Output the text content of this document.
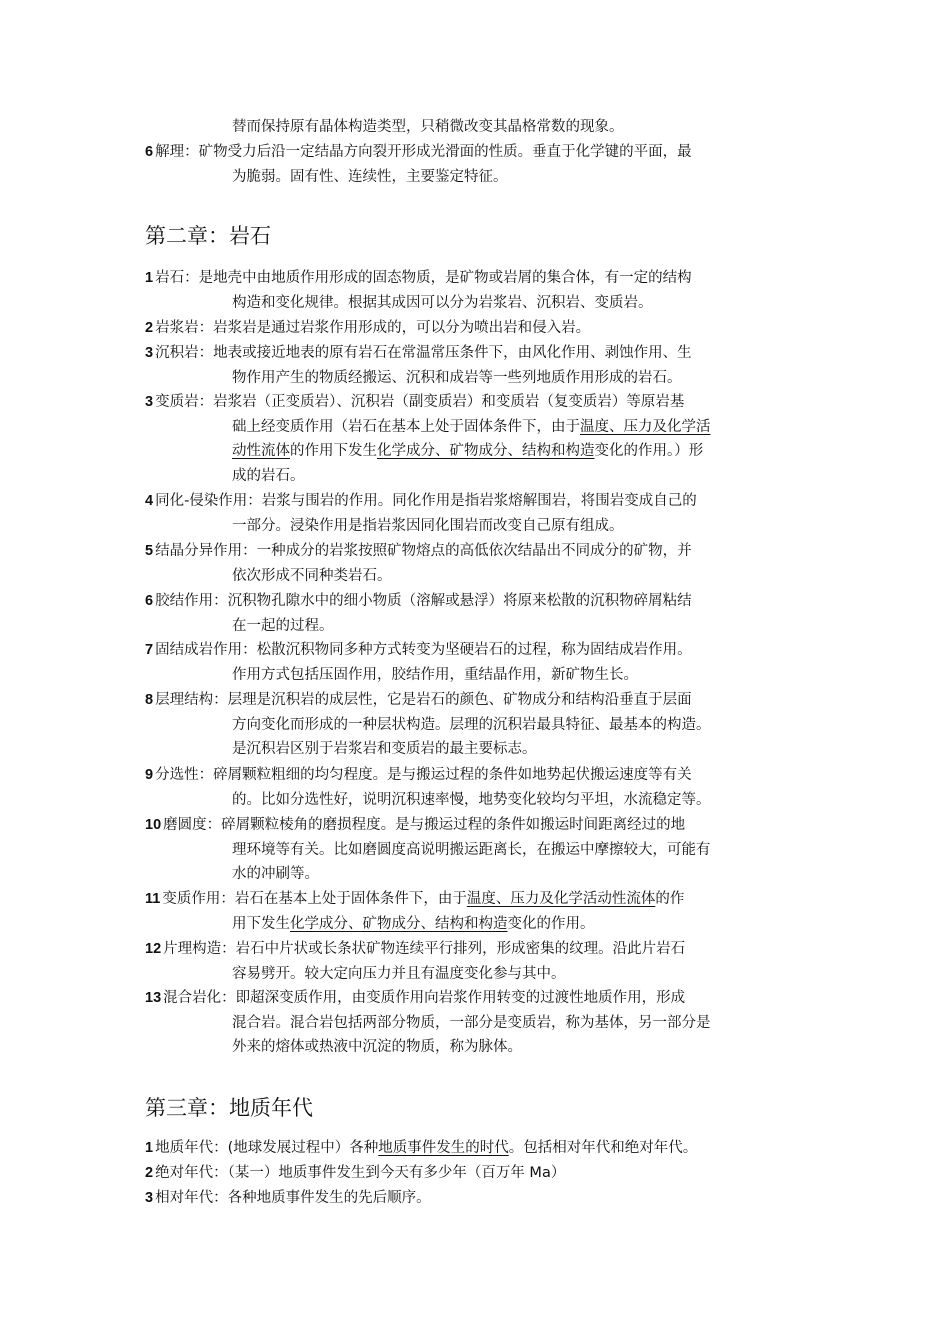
替而保持原有晶体构造类型，只稍微改变其晶格常数的现象。
6 解理：矿物受力后沿一定结晶方向裂开形成光滑面的性质。垂直于化学键的平面，最
为脆弱。固有性、连续性，主要鉴定特征。
第二章：岩石
1 岩石：是地壳中由地质作用形成的固态物质，是矿物或岩屑的集合体，有一定的结构
构造和变化规律。根据其成因可以分为岩浆岩、沉积岩、变质岩。
2 岩浆岩：岩浆岩是通过岩浆作用形成的，可以分为喷出岩和侵入岩。
3 沉积岩：地表或接近地表的原有岩石在常温常压条件下，由风化作用、剥蚀作用、生
物作用产生的物质经搬运、沉积和成岩等一些列地质作用形成的岩石。
3 变质岩：岩浆岩（正变质岩）、沉积岩（副变质岩）和变质岩（复变质岩）等原岩基
础上经变质作用（岩石在基本上处于固体条件下，由于温度、压力及化学活
动性流体的作用下发生化学成分、矿物成分、结构和构造变化的作用。）形
成的岩石。
4 同化-侵染作用：岩浆与围岩的作用。同化作用是指岩浆熔解围岩，将围岩变成自己的
一部分。浸染作用是指岩浆因同化围岩而改变自己原有组成。
5 结晶分异作用：一种成分的岩浆按照矿物熔点的高低依次结晶出不同成分的矿物，并
依次形成不同种类岩石。
6 胶结作用：沉积物孔隙水中的细小物质（溶解或悬浮）将原来松散的沉积物碎屑粘结
在一起的过程。
7 固结成岩作用：松散沉积物同多种方式转变为坚硬岩石的过程，称为固结成岩作用。
作用方式包括压固作用，胶结作用，重结晶作用，新矿物生长。
8 层理结构：层理是沉积岩的成层性，它是岩石的颜色、矿物成分和结构沿垂直于层面
方向变化而形成的一种层状构造。层理的沉积岩最具特征、最基本的构造。
是沉积岩区别于岩浆岩和变质岩的最主要标志。
9 分选性：碎屑颗粒粗细的均匀程度。是与搬运过程的条件如地势起伏搬运速度等有关
的。比如分选性好，说明沉积速率慢，地势变化较均匀平坦，水流稳定等。
10 磨圆度：碎屑颗粒棱角的磨损程度。是与搬运过程的条件如搬运时间距离经过的地
理环境等有关。比如磨圆度高说明搬运距离长，在搬运中摩擦较大，可能有
水的冲刷等。
11 变质作用：岩石在基本上处于固体条件下，由于温度、压力及化学活动性流体的作
用下发生化学成分、矿物成分、结构和构造变化的作用。
12 片理构造：岩石中片状或长条状矿物连续平行排列，形成密集的纹理。沿此片岩石
容易劈开。较大定向压力并且有温度变化参与其中。
13 混合岩化：即超深变质作用，由变质作用向岩浆作用转变的过渡性地质作用，形成
混合岩。混合岩包括两部分物质，一部分是变质岩，称为基体，另一部分是
外来的熔体或热液中沉淀的物质，称为脉体。
第三章：地质年代
1 地质年代：(地球发展过程中）各种地质事件发生的时代。包括相对年代和绝对年代。
2 绝对年代：（某一）地质事件发生到今天有多少年（百万年 Ma）
3 相对年代：各种地质事件发生的先后顺序。
